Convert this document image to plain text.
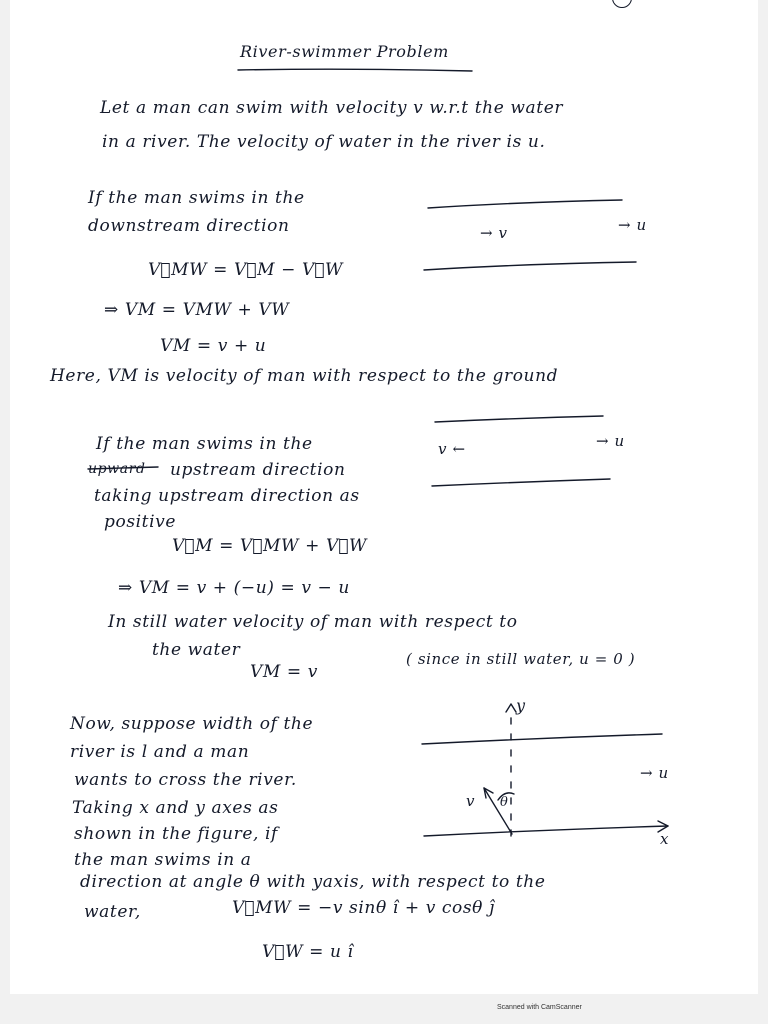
River-swimmer Problem
Let a man can swim with velocity v w.r.t the water
in a river. The velocity of water in the river is u.
If the man swims in the
downstream direction	→ v	→ u
V⃗MW = V⃗M − V⃗W
⇒ VM = VMW + VW
VM = v + u
Here, VM is velocity of man with respect to the ground
If the man swims in the
upward upstream direction
taking upstream direction as
positive
v ←	→ u
V⃗M = V⃗MW + V⃗W
⇒ VM = v + (−u) = v − u
In still water velocity of man with respect to
the water
VM = v
( since in still water, u = 0 )
Now, suppose width of the
river is l and a man
wants to cross the river.
Taking x and y axes as
shown in the figure, if
the man swims in a
direction at angle θ with yaxis, with respect to the
water,
y
x
→ u
v θ
V⃗MW = −v sinθ î + v cosθ ĵ
V⃗W = u î
Scanned with CamScanner
